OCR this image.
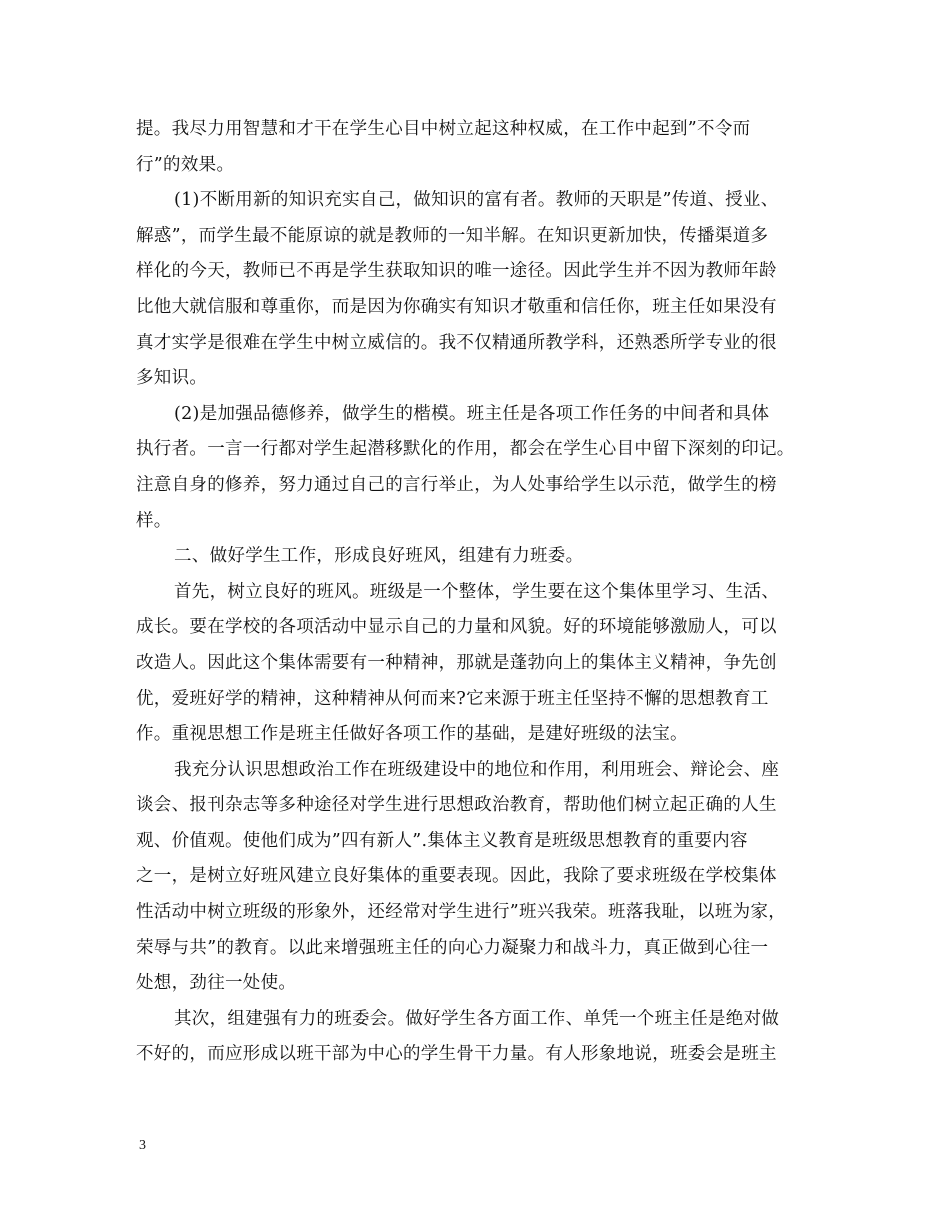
提。我尽力用智慧和才干在学生心目中树立起这种权威，在工作中起到”不令而
行”的效果。

(1)不断用新的知识充实自己，做知识的富有者。教师的天职是”传道、授业、
解惑”，而学生最不能原谅的就是教师的一知半解。在知识更新加快，传播渠道多
样化的今天，教师已不再是学生获取知识的唯一途径。因此学生并不因为教师年龄
比他大就信服和尊重你，而是因为你确实有知识才敬重和信任你，班主任如果没有
真才实学是很难在学生中树立威信的。我不仅精通所教学科，还熟悉所学专业的很
多知识。

(2)是加强品德修养，做学生的楷模。班主任是各项工作任务的中间者和具体
执行者。一言一行都对学生起潜移默化的作用，都会在学生心目中留下深刻的印记。
注意自身的修养，努力通过自己的言行举止，为人处事给学生以示范，做学生的榜
样。

二、做好学生工作，形成良好班风，组建有力班委。

首先，树立良好的班风。班级是一个整体，学生要在这个集体里学习、生活、
成长。要在学校的各项活动中显示自己的力量和风貌。好的环境能够激励人，可以
改造人。因此这个集体需要有一种精神，那就是蓬勃向上的集体主义精神，争先创
优，爱班好学的精神，这种精神从何而来?它来源于班主任坚持不懈的思想教育工
作。重视思想工作是班主任做好各项工作的基础，是建好班级的法宝。

我充分认识思想政治工作在班级建设中的地位和作用，利用班会、辩论会、座
谈会、报刊杂志等多种途径对学生进行思想政治教育，帮助他们树立起正确的人生
观、价值观。使他们成为”四有新人”.集体主义教育是班级思想教育的重要内容
之一，是树立好班风建立良好集体的重要表现。因此，我除了要求班级在学校集体
性活动中树立班级的形象外，还经常对学生进行”班兴我荣。班落我耻，以班为家，
荣辱与共”的教育。以此来增强班主任的向心力凝聚力和战斗力，真正做到心往一
处想，劲往一处使。

其次，组建强有力的班委会。做好学生各方面工作、单凭一个班主任是绝对做
不好的，而应形成以班干部为中心的学生骨干力量。有人形象地说，班委会是班主

3
